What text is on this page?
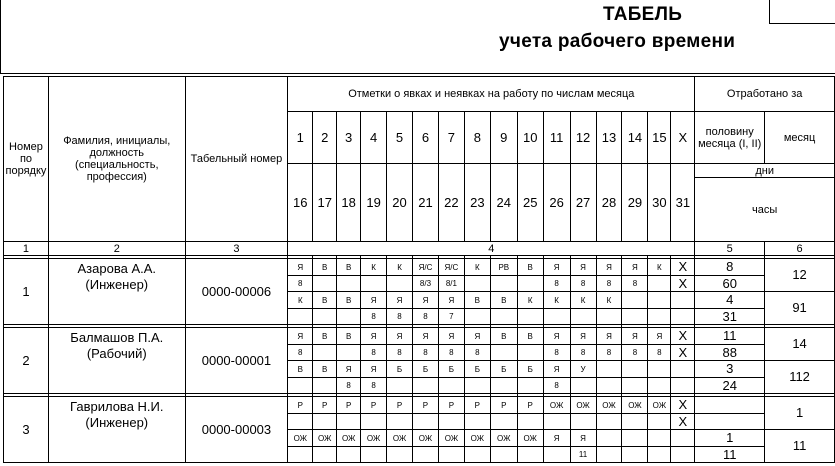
ТАБЕЛЬ
учета рабочего времени
Номер по порядку	Фамилия, инициалы, должность (специальность, профессия)	Табельный номер	Отметки о явках и неявках на работу по числам месяца																Отработано за	
			1	2	3	4	5	6	7	8	9	10	11	12	13	14	15	X	половину месяца (I, II)	месяц
			16	17	18	19	20	21	22	23	24	25	26	27	28	29	30	31	дни	
																			часы	
1	2	3	4																5	6

1	Азарова А.А. (Инженер)	0000-00006	Я	В	В	К	К	Я/С	Я/С	К	РВ	В	Я	Я	Я	Я	К	X	8	12
			8					8/3	8/1				8	8	8	8		X	60	
			К	В	В	Я	Я	Я	Я	В	В	К	К	К	К				4	91
						8	8	8	7										31	

2	Балмашов П.А. (Рабочий)	0000-00001	Я	В	В	Я	Я	Я	Я	Я	В	В	Я	Я	Я	Я	Я	X	11	14
			8			8	8	8	8	8			8	8	8	8	8	X	88	
			В	В	Я	Я	Б	Б	Б	Б	Б	Б	Я	У					3	112
					8	8							8						24	

3	Гаврилова Н.И. (Инженер)	0000-00003	Р	Р	Р	Р	Р	Р	Р	Р	Р	Р	ОЖ	ОЖ	ОЖ	ОЖ	ОЖ	X		1
																		X		
			ОЖ	ОЖ	ОЖ	ОЖ	ОЖ	ОЖ	ОЖ	ОЖ	ОЖ	ОЖ	Я	Я					1	11
														11					11	
